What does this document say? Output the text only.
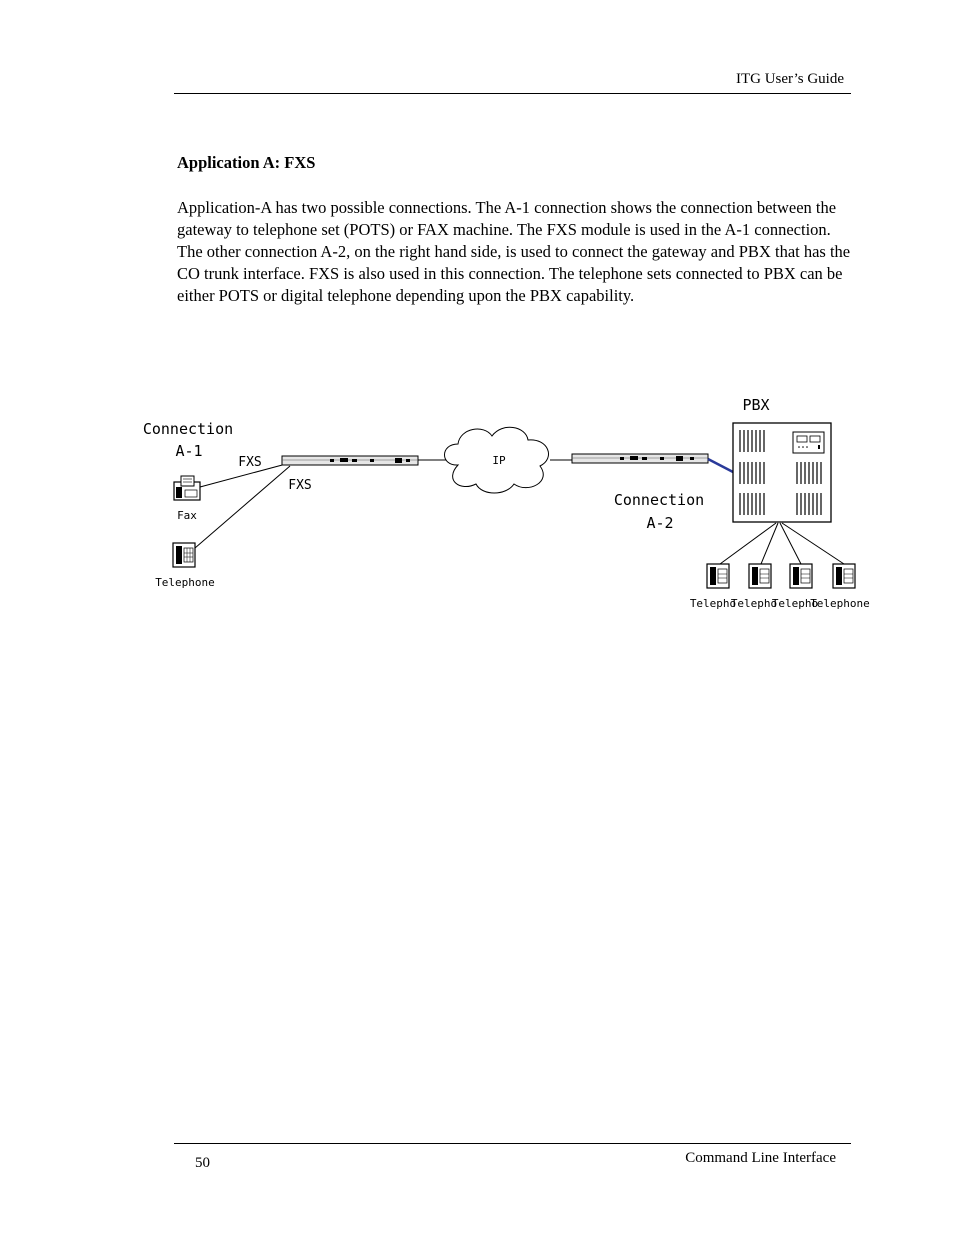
ITG User’s Guide
Application A: FXS

Application-A has two possible connections. The A-1 connection shows the connection between the gateway to telephone set (POTS) or FAX machine. The FXS module is used in the A-1 connection. The other connection A-2, on the right hand side, is used to connect the gateway and PBX that has the CO trunk interface. FXS is also used in this connection. The telephone sets connected to PBX can be either POTS or digital telephone depending upon the PBX capability.

Connection
A-1
FXS
FXS
Fax
Telephone
IP
PBX
Connection
A-2
Telepho
Telepho
Telepho
Telephone
50	Command Line Interface
